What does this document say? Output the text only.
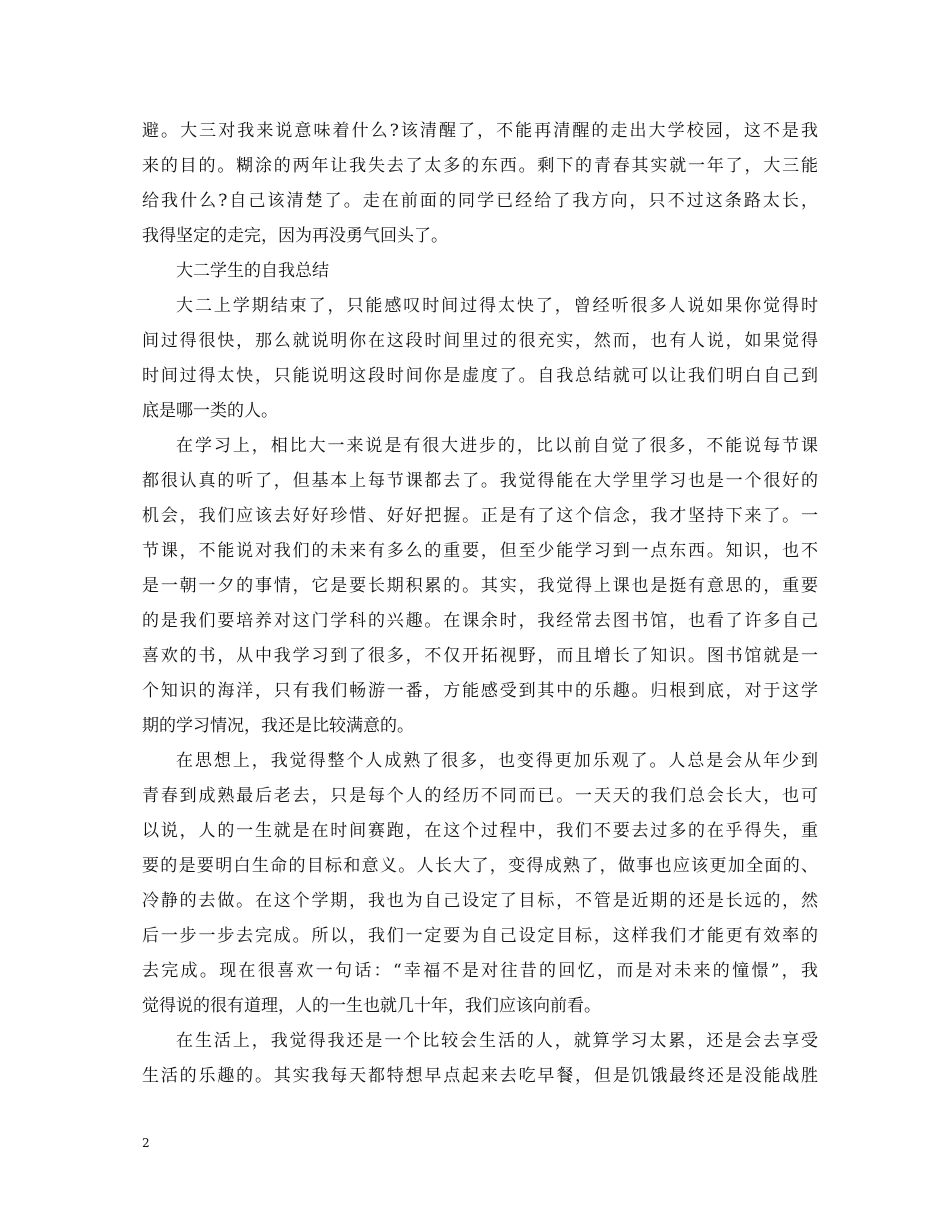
避。大三对我来说意味着什么?该清醒了，不能再清醒的走出大学校园，这不是我
来的目的。糊涂的两年让我失去了太多的东西。剩下的青春其实就一年了，大三能
给我什么?自己该清楚了。走在前面的同学已经给了我方向，只不过这条路太长，
我得坚定的走完，因为再没勇气回头了。
大二学生的自我总结
大二上学期结束了，只能感叹时间过得太快了，曾经听很多人说如果你觉得时
间过得很快，那么就说明你在这段时间里过的很充实，然而，也有人说，如果觉得
时间过得太快，只能说明这段时间你是虚度了。自我总结就可以让我们明白自己到
底是哪一类的人。
在学习上，相比大一来说是有很大进步的，比以前自觉了很多，不能说每节课
都很认真的听了，但基本上每节课都去了。我觉得能在大学里学习也是一个很好的
机会，我们应该去好好珍惜、好好把握。正是有了这个信念，我才坚持下来了。一
节课，不能说对我们的未来有多么的重要，但至少能学习到一点东西。知识，也不
是一朝一夕的事情，它是要长期积累的。其实，我觉得上课也是挺有意思的，重要
的是我们要培养对这门学科的兴趣。在课余时，我经常去图书馆，也看了许多自己
喜欢的书，从中我学习到了很多，不仅开拓视野，而且增长了知识。图书馆就是一
个知识的海洋，只有我们畅游一番，方能感受到其中的乐趣。归根到底，对于这学
期的学习情况，我还是比较满意的。
在思想上，我觉得整个人成熟了很多，也变得更加乐观了。人总是会从年少到
青春到成熟最后老去，只是每个人的经历不同而已。一天天的我们总会长大，也可
以说，人的一生就是在时间赛跑，在这个过程中，我们不要去过多的在乎得失，重
要的是要明白生命的目标和意义。人长大了，变得成熟了，做事也应该更加全面的、
冷静的去做。在这个学期，我也为自己设定了目标，不管是近期的还是长远的，然
后一步一步去完成。所以，我们一定要为自己设定目标，这样我们才能更有效率的
去完成。现在很喜欢一句话：“幸福不是对往昔的回忆，而是对未来的憧憬”，我
觉得说的很有道理，人的一生也就几十年，我们应该向前看。
在生活上，我觉得我还是一个比较会生活的人，就算学习太累，还是会去享受
生活的乐趣的。其实我每天都特想早点起来去吃早餐，但是饥饿最终还是没能战胜
2
